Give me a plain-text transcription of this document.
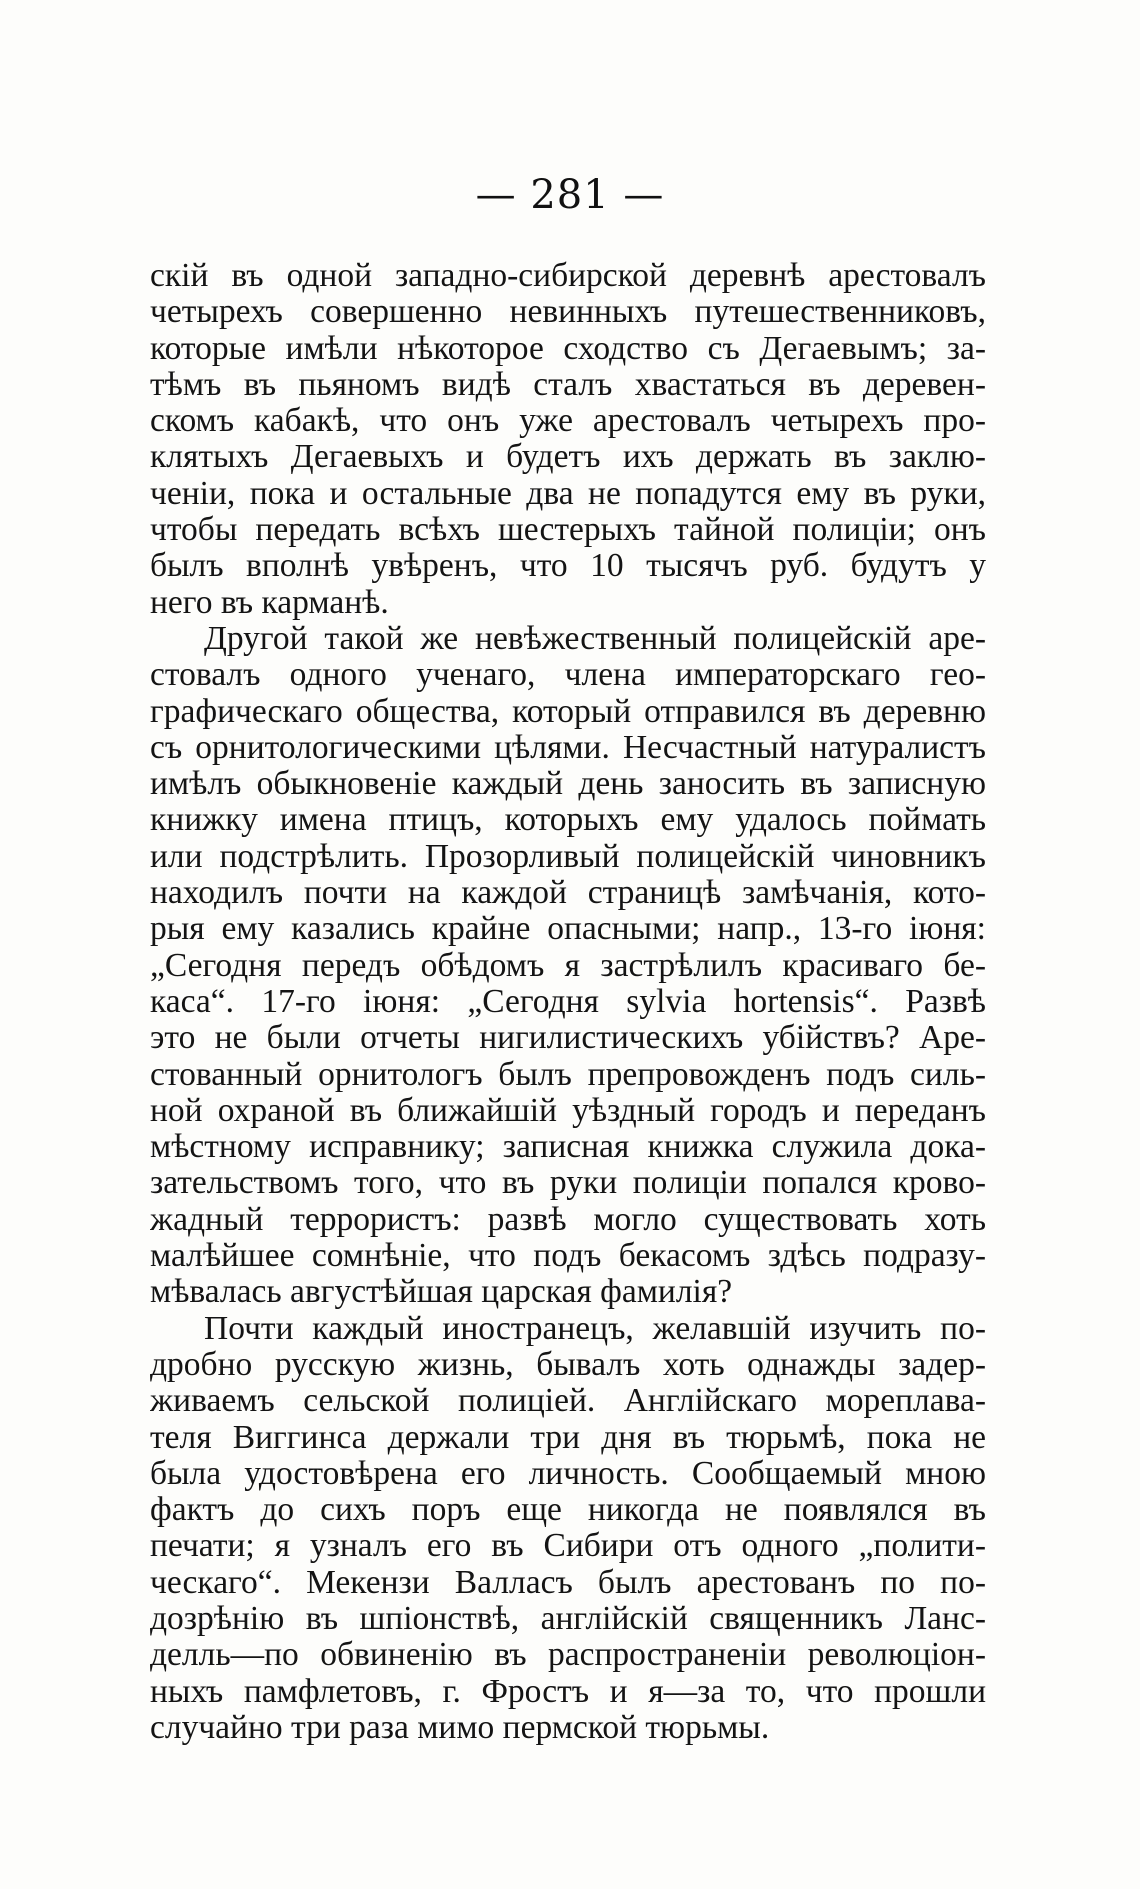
— 281 —
скій въ одной западно-сибирской деревнѣ арестовалъ
четырехъ совершенно невинныхъ путешественниковъ,
которые имѣли нѣкоторое сходство съ Дегаевымъ; за-
тѣмъ въ пьяномъ видѣ сталъ хвастаться въ деревен-
скомъ кабакѣ, что онъ уже арестовалъ четырехъ про-
клятыхъ Дегаевыхъ и будетъ ихъ держать въ заклю-
ченіи, пока и остальные два не попадутся ему въ руки,
чтобы передать всѣхъ шестерыхъ тайной полиціи; онъ
былъ вполнѣ увѣренъ, что 10 тысячъ руб. будутъ у
него въ карманѣ.
Другой такой же невѣжественный полицейскій аре-
стовалъ одного ученаго, члена императорскаго гео-
графическаго общества, который отправился въ деревню
съ орнитологическими цѣлями. Несчастный натуралистъ
имѣлъ обыкновеніе каждый день заносить въ записную
книжку имена птицъ, которыхъ ему удалось поймать
или подстрѣлить. Прозорливый полицейскій чиновникъ
находилъ почти на каждой страницѣ замѣчанія, кото-
рыя ему казались крайне опасными; напр., 13-го іюня:
„Сегодня передъ обѣдомъ я застрѣлилъ красиваго бе-
каса“. 17-го іюня: „Сегодня sylvia hortensis“. Развѣ
это не были отчеты нигилистическихъ убійствъ? Аре-
стованный орнитологъ былъ препровожденъ подъ силь-
ной охраной въ ближайшій уѣздный городъ и переданъ
мѣстному исправнику; записная книжка служила дока-
зательствомъ того, что въ руки полиціи попался крово-
жадный террористъ: развѣ могло существовать хоть
малѣйшее сомнѣніе, что подъ бекасомъ здѣсь подразу-
мѣвалась августѣйшая царская фамилія?
Почти каждый иностранецъ, желавшій изучить по-
дробно русскую жизнь, бывалъ хоть однажды задер-
живаемъ сельской полиціей. Англійскаго мореплава-
теля Виггинса держали три дня въ тюрьмѣ, пока не
была удостовѣрена его личность. Сообщаемый мною
фактъ до сихъ поръ еще никогда не появлялся въ
печати; я узналъ его въ Сибири отъ одного „полити-
ческаго“. Мекензи Валласъ былъ арестованъ по по-
дозрѣнію въ шпіонствѣ, англійскій священникъ Ланс-
делль—по обвиненію въ распространеніи революціон-
ныхъ памфлетовъ, г. Фростъ и я—за то, что прошли
случайно три раза мимо пермской тюрьмы.
